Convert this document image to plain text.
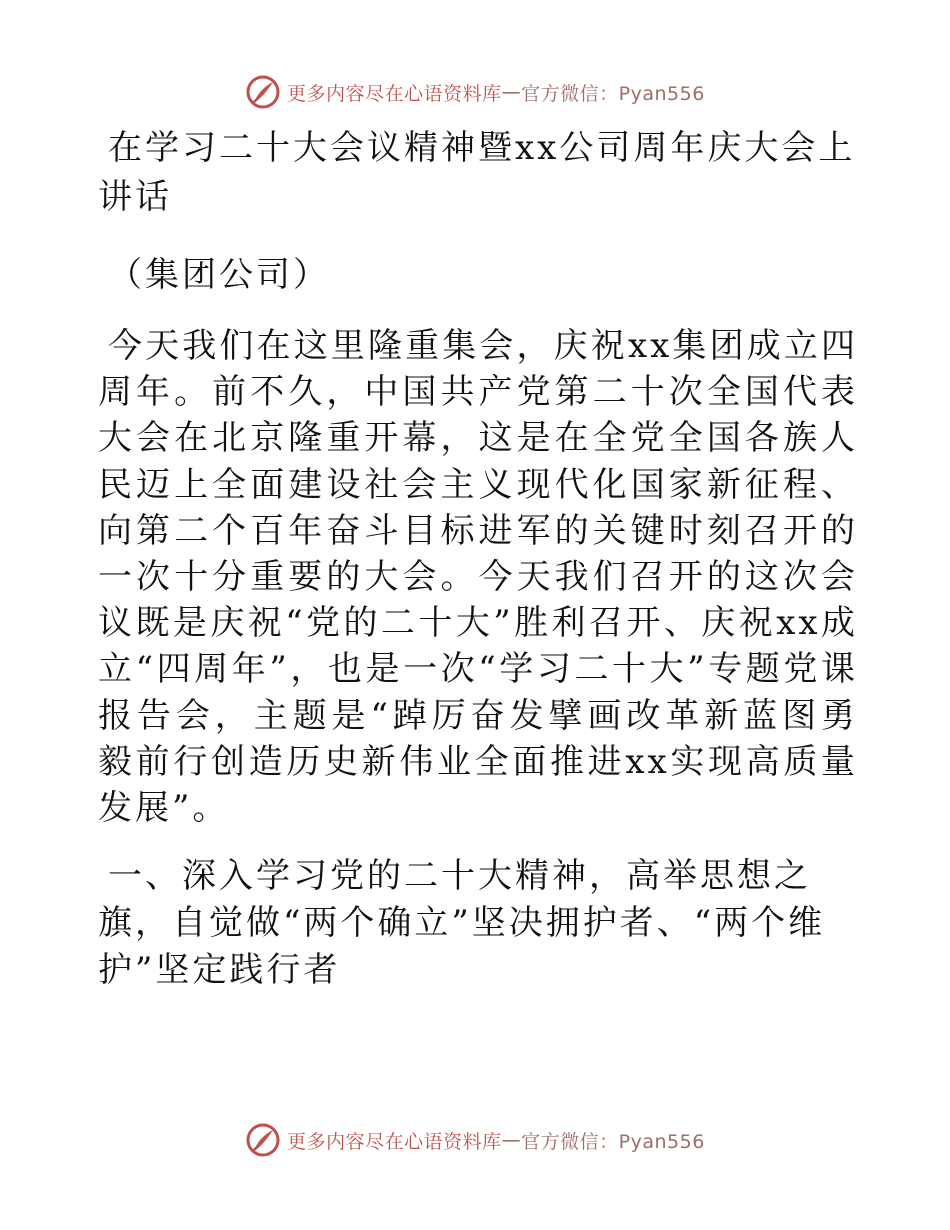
更多内容尽在心语资料库 — 官方微信：Pyan556
在学习二十大会议精神暨xx公司周年庆大会上讲话

（集团公司）

今天我们在这里隆重集会，庆祝xx集团成立四周年。前不久，中国共产党第二十次全国代表大会在北京隆重开幕，这是在全党全国各族人民迈上全面建设社会主义现代化国家新征程、向第二个百年奋斗目标进军的关键时刻召开的一次十分重要的大会。今天我们召开的这次会议既是庆祝“党的二十大”胜利召开、庆祝xx成立“四周年”，也是一次“学习二十大”专题党课报告会，主题是“踔厉奋发擘画改革新蓝图勇毅前行创造历史新伟业全面推进xx实现高质量发展”。

一、深入学习党的二十大精神，高举思想之旗，自觉做“两个确立”坚决拥护者、“两个维护”坚定践行者

更多内容尽在心语资料库 — 官方微信：Pyan556
